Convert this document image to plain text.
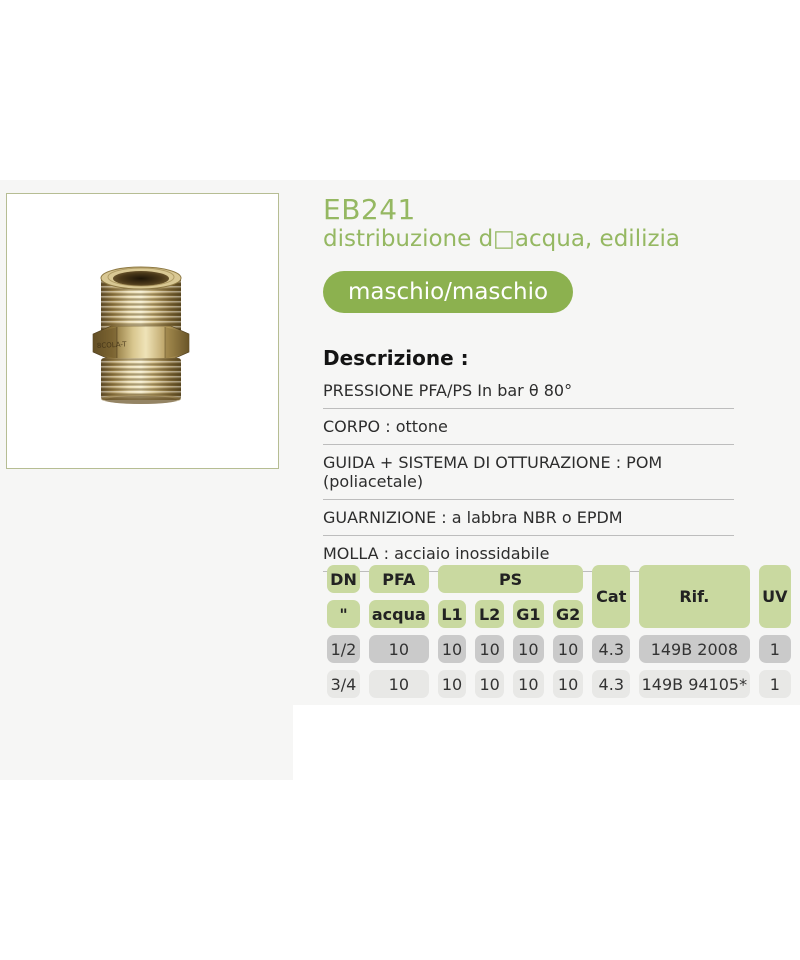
8COLA-T
EB241
distribuzione d□acqua, edilizia
maschio/maschio
Descrizione :
PRESSIONE PFA/PS In bar θ 80°
CORPO : ottone
GUIDA + SISTEMA DI OTTURAZIONE : POM (poliacetale)
GUARNIZIONE : a labbra NBR o EPDM
MOLLA : acciaio inossidabile
DN	PFA	PS				Cat	Rif.	UV
"	acqua	L1	L2	G1	G2			
1/2	10	10	10	10	10	4.3	149B 2008	1
3/4	10	10	10	10	10	4.3	149B 94105*	1
